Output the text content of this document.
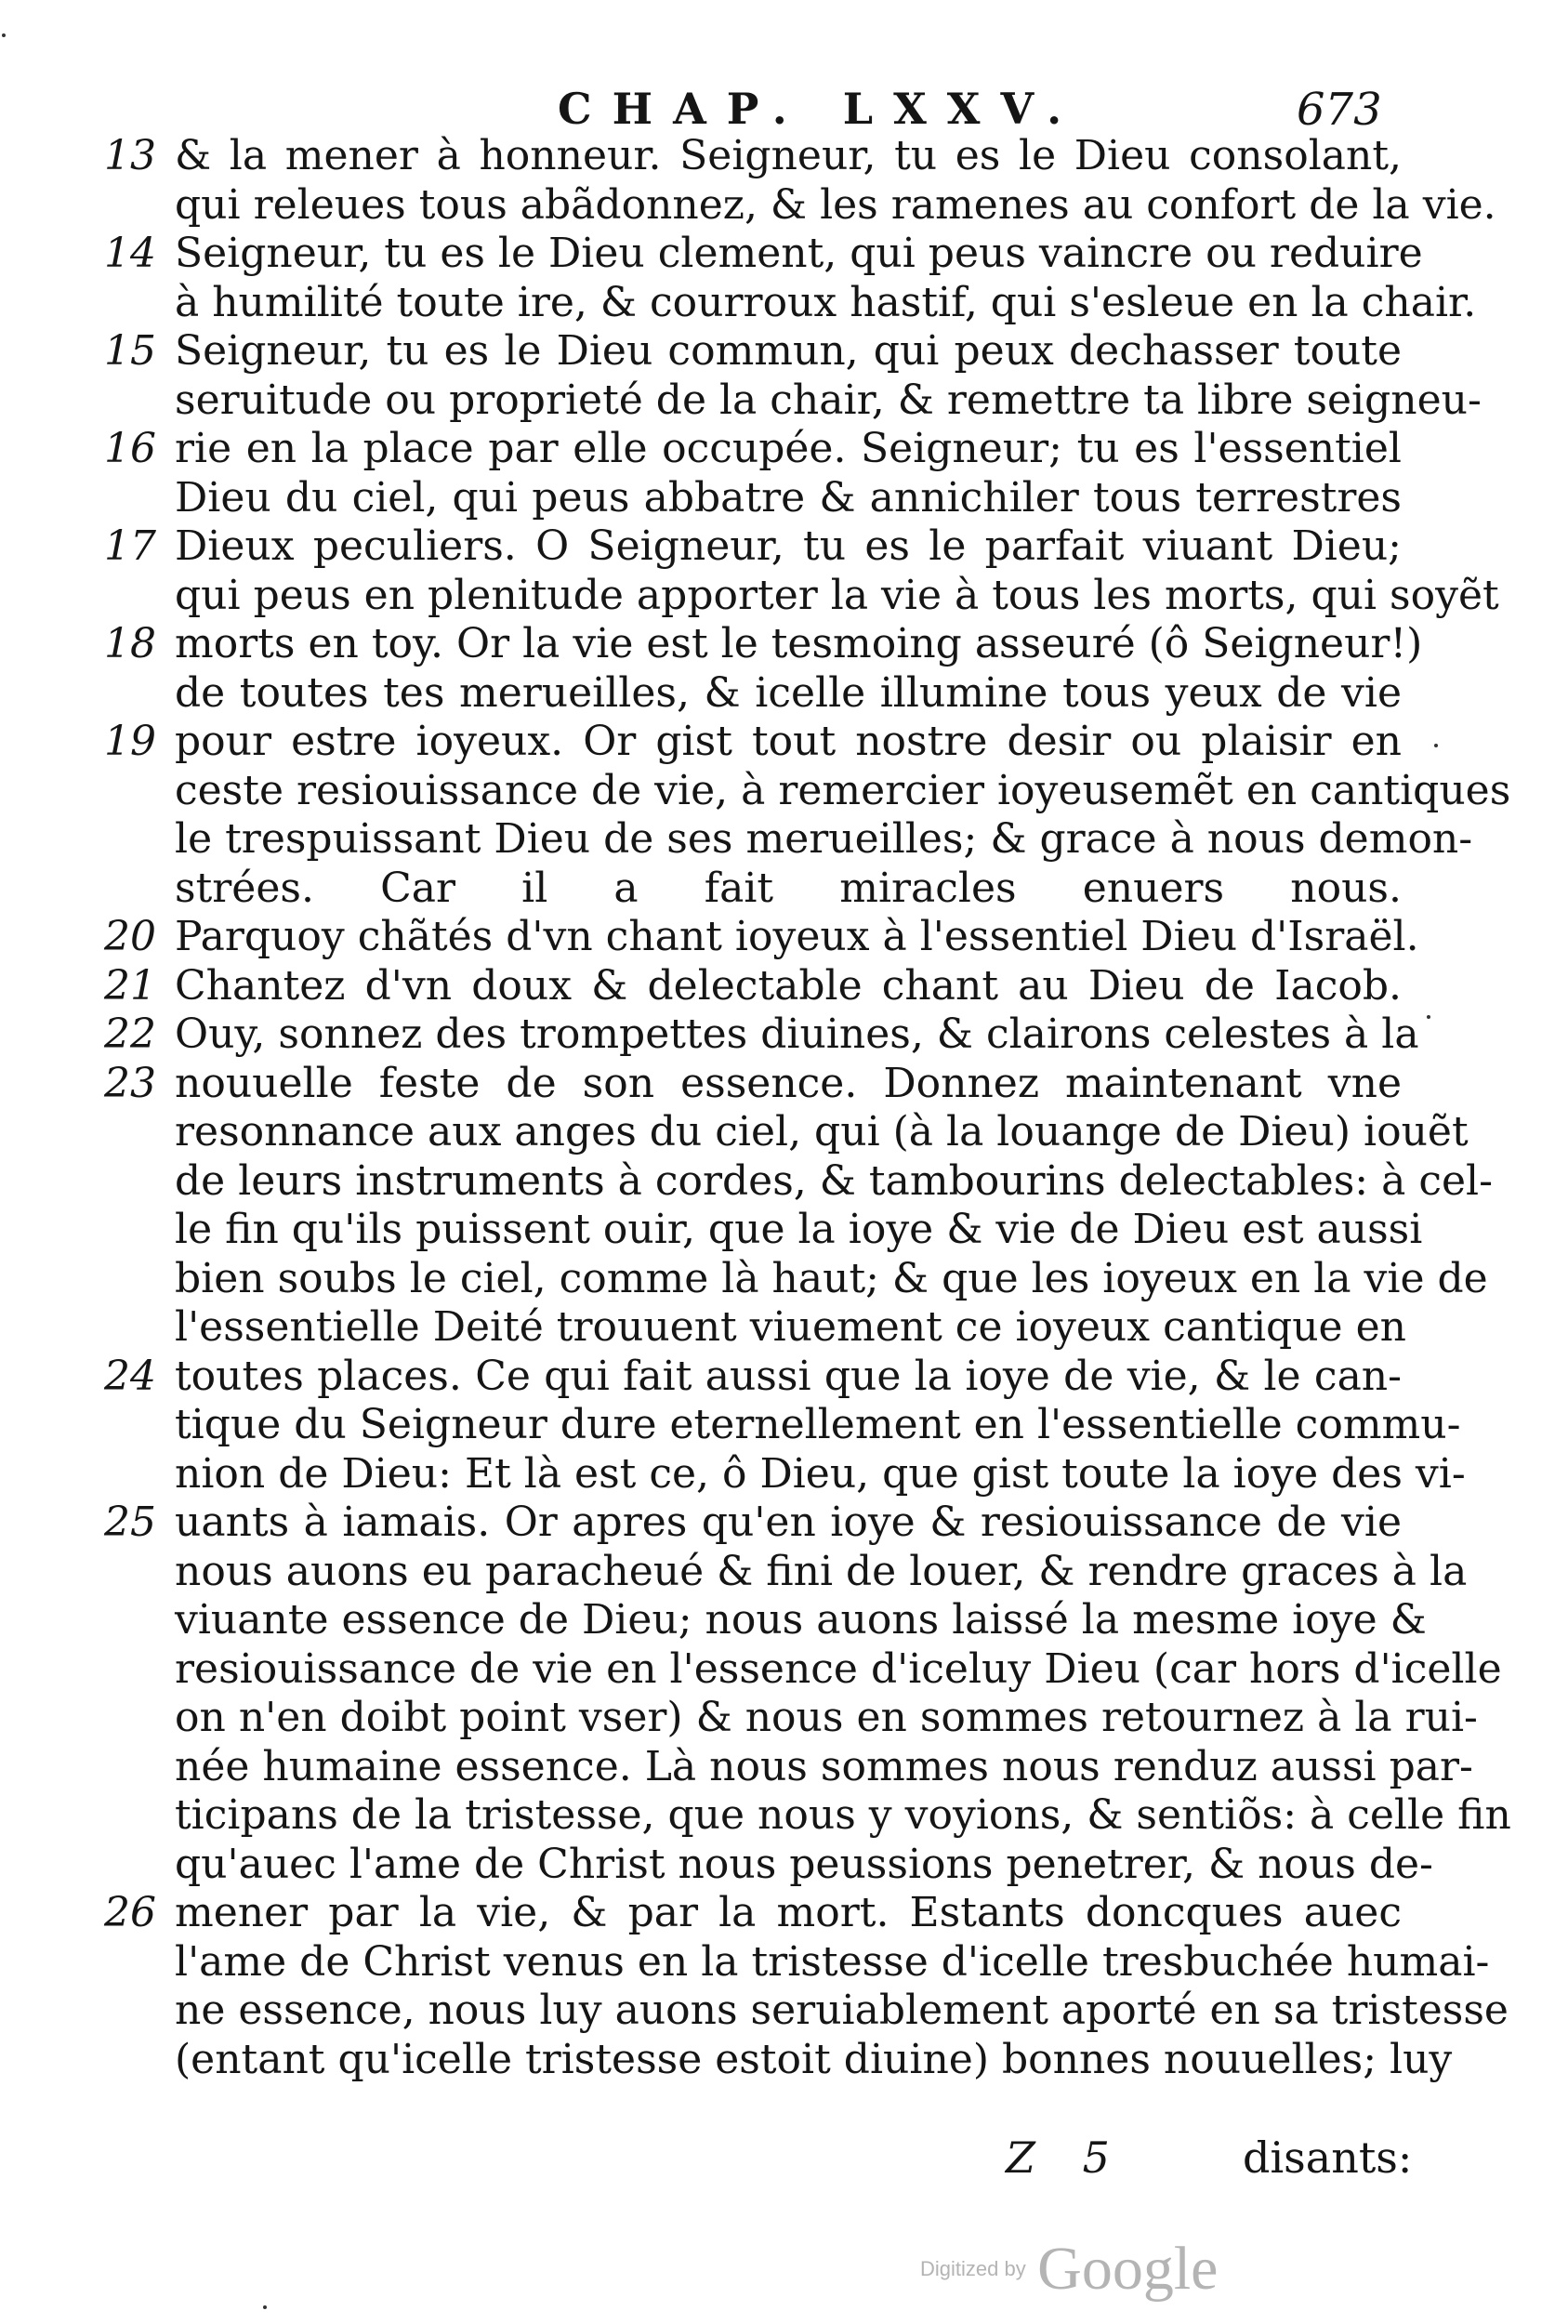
CHAP. LXXV.	673
13 & la mener à honneur. Seigneur, tu es le Dieu consolant,
qui releues tous abãdonnez, & les ramenes au confort de la vie.
14 Seigneur, tu es le Dieu clement, qui peus vaincre ou reduire
à humilité toute ire, & courroux hastif, qui s'esleue en la chair.
15 Seigneur, tu es le Dieu commun, qui peux dechasser toute
seruitude ou proprieté de la chair, & remettre ta libre seigneu-
16 rie en la place par elle occupée. Seigneur; tu es l'essentiel
Dieu du ciel, qui peus abbatre & annichiler tous terrestres
17 Dieux peculiers. O Seigneur, tu es le parfait viuant Dieu;
qui peus en plenitude apporter la vie à tous les morts, qui soyẽt
18 morts en toy. Or la vie est le tesmoing asseuré (ô Seigneur!)
de toutes tes merueilles, & icelle illumine tous yeux de vie
19 pour estre ioyeux. Or gist tout nostre desir ou plaisir en
ceste resiouissance de vie, à remercier ioyeusemẽt en cantiques
le trespuissant Dieu de ses merueilles; & grace à nous demon-
strées. Car il a fait miracles enuers nous.
20 Parquoy chãtés d'vn chant ioyeux à l'essentiel Dieu d'Israël.
21 Chantez d'vn doux & delectable chant au Dieu de Iacob.
22 Ouy, sonnez des trompettes diuines, & clairons celestes à la
23 nouuelle feste de son essence. Donnez maintenant vne
resonnance aux anges du ciel, qui (à la louange de Dieu) iouẽt
de leurs instruments à cordes, & tambourins delectables: à cel-
le fin qu'ils puissent ouir, que la ioye & vie de Dieu est aussi
bien soubs le ciel, comme là haut; & que les ioyeux en la vie de
l'essentielle Deité trouuent viuement ce ioyeux cantique en
24 toutes places. Ce qui fait aussi que la ioye de vie, & le can-
tique du Seigneur dure eternellement en l'essentielle commu-
nion de Dieu: Et là est ce, ô Dieu, que gist toute la ioye des vi-
25 uants à iamais. Or apres qu'en ioye & resiouissance de vie
nous auons eu paracheué & fini de louer, & rendre graces à la
viuante essence de Dieu; nous auons laissé la mesme ioye &
resiouissance de vie en l'essence d'iceluy Dieu (car hors d'icelle
on n'en doibt point vser) & nous en sommes retournez à la rui-
née humaine essence. Là nous sommes nous renduz aussi par-
ticipans de la tristesse, que nous y voyions, & sentiõs: à celle fin
qu'auec l'ame de Christ nous peussions penetrer, & nous de-
26 mener par la vie, & par la mort. Estants doncques auec
l'ame de Christ venus en la tristesse d'icelle tresbuchée humai-
ne essence, nous luy auons seruiablement aporté en sa tristesse
(entant qu'icelle tristesse estoit diuine) bonnes nouuelles; luy
Z 5	disants:
Digitized by Google
